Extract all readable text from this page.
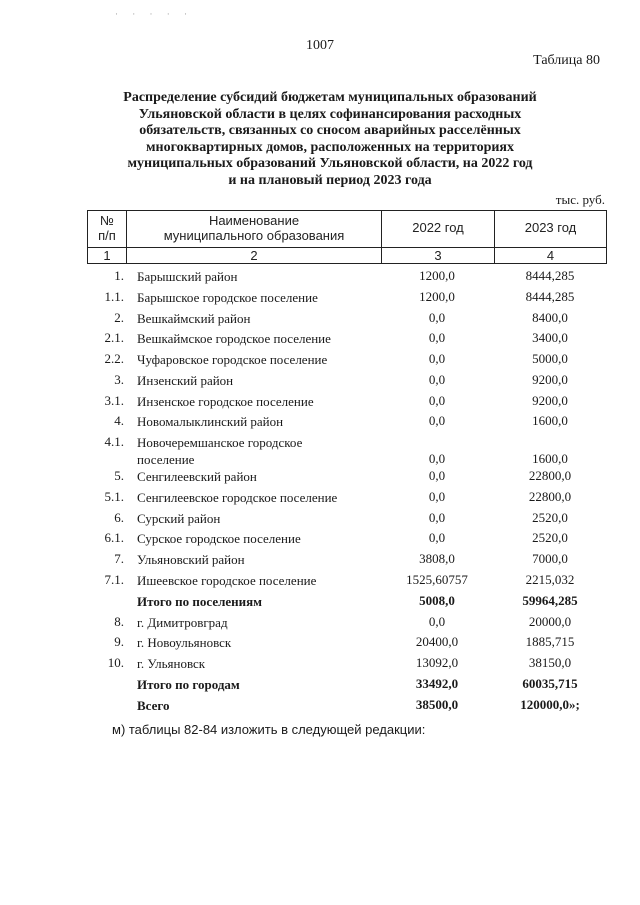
· · · · ·
1007
Таблица 80
Распределение субсидий бюджетам муниципальных образований
Ульяновской области в целях софинансирования расходных
обязательств, связанных со сносом аварийных расселённых
многоквартирных домов, расположенных на территориях
муниципальных образований Ульяновской области, на 2022 год
и на плановый период 2023 года
тыс. руб.
№
п/п
Наименование
муниципального образования
2022 год	2023 год
1	2	3	4
1. Барышский район	1200,0	8444,285
1.1. Барышское городское поселение	1200,0	8444,285
2. Вешкаймский район	0,0	8400,0
2.1. Вешкаймское городское поселение	0,0	3400,0
2.2. Чуфаровское городское поселение	0,0	5000,0
3. Инзенский район	0,0	9200,0
3.1. Инзенское городское поселение	0,0	9200,0
4. Новомалыклинский район	0,0	1600,0
4.1. Новочеремшанское городское
поселение	0,0	1600,0
5. Сенгилеевский район	0,0	22800,0
5.1. Сенгилеевское городское поселение	0,0	22800,0
6. Сурский район	0,0	2520,0
6.1. Сурское городское поселение	0,0	2520,0
7. Ульяновский район	3808,0	7000,0
7.1. Ишеевское городское поселение	1525,60757	2215,032
Итого по поселениям	5008,0	59964,285
8. г. Димитровград	0,0	20000,0
9. г. Новоульяновск	20400,0	1885,715
10. г. Ульяновск	13092,0	38150,0
Итого по городам	33492,0	60035,715
Всего	38500,0	120000,0»;
м) таблицы 82-84 изложить в следующей редакции:
